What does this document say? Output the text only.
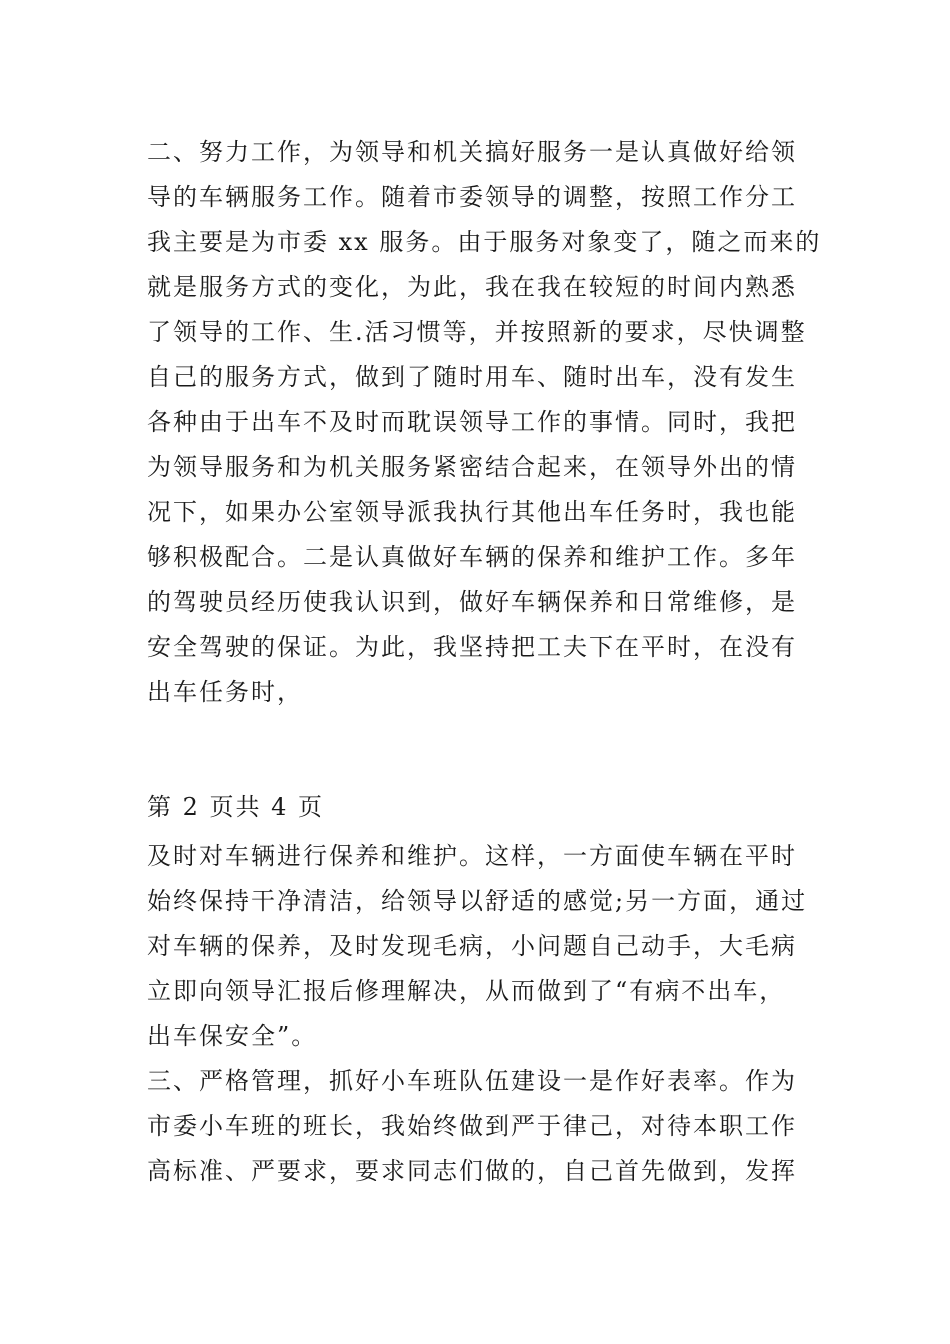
二、努力工作，为领导和机关搞好服务一是认真做好给领
导的车辆服务工作。随着市委领导的调整，按照工作分工
我主要是为市委 xx 服务。由于服务对象变了，随之而来的
就是服务方式的变化，为此，我在我在较短的时间内熟悉
了领导的工作、生.活习惯等，并按照新的要求，尽快调整
自己的服务方式，做到了随时用车、随时出车，没有发生
各种由于出车不及时而耽误领导工作的事情。同时，我把
为领导服务和为机关服务紧密结合起来，在领导外出的情
况下，如果办公室领导派我执行其他出车任务时，我也能
够积极配合。二是认真做好车辆的保养和维护工作。多年
的驾驶员经历使我认识到，做好车辆保养和日常维修，是
安全驾驶的保证。为此，我坚持把工夫下在平时，在没有
出车任务时，
第 2 页共 4 页
及时对车辆进行保养和维护。这样，一方面使车辆在平时
始终保持干净清洁，给领导以舒适的感觉;另一方面，通过
对车辆的保养，及时发现毛病，小问题自己动手，大毛病
立即向领导汇报后修理解决，从而做到了“有病不出车，
出车保安全”。
三、严格管理，抓好小车班队伍建设一是作好表率。作为
市委小车班的班长，我始终做到严于律己，对待本职工作
高标准、严要求，要求同志们做的，自己首先做到，发挥
